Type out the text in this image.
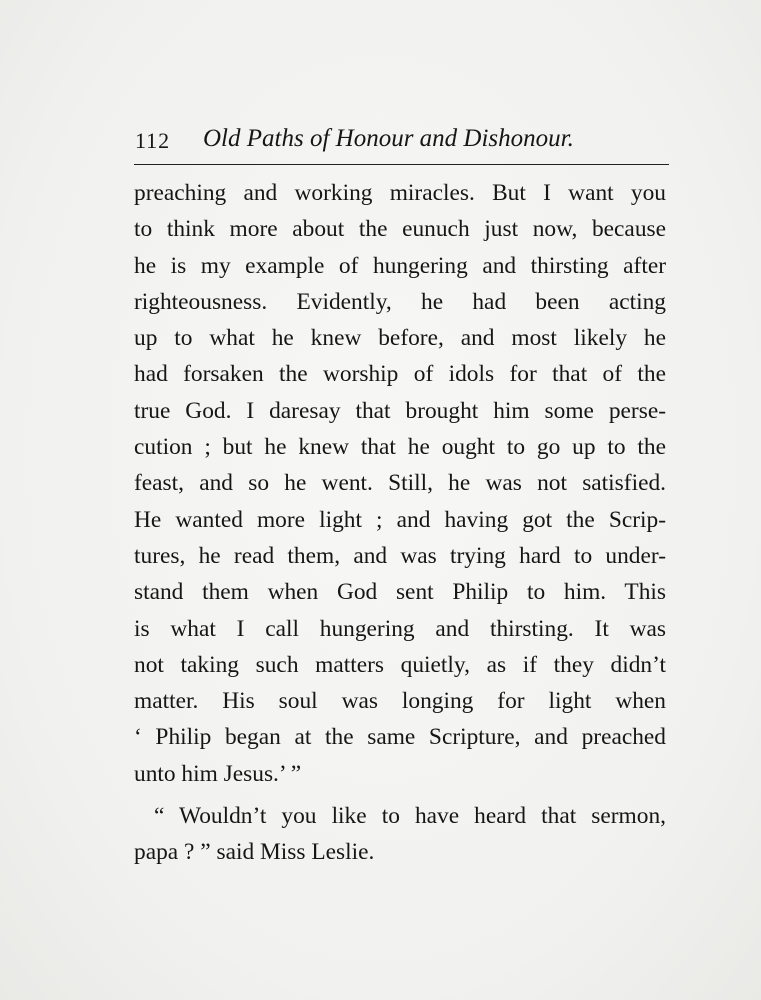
112 Old Paths of Honour and Dishonour.
preaching and working miracles. But I want you
to think more about the eunuch just now, because
he is my example of hungering and thirsting after
righteousness. Evidently, he had been acting
up to what he knew before, and most likely he
had forsaken the worship of idols for that of the
true God. I daresay that brought him some perse-
cution ; but he knew that he ought to go up to the
feast, and so he went. Still, he was not satisfied.
He wanted more light ; and having got the Scrip-
tures, he read them, and was trying hard to under-
stand them when God sent Philip to him. This
is what I call hungering and thirsting. It was
not taking such matters quietly, as if they didn’t
matter. His soul was longing for light when
‘ Philip began at the same Scripture, and preached
unto him Jesus.’ ”
“ Wouldn’t you like to have heard that sermon,
papa ? ” said Miss Leslie.
